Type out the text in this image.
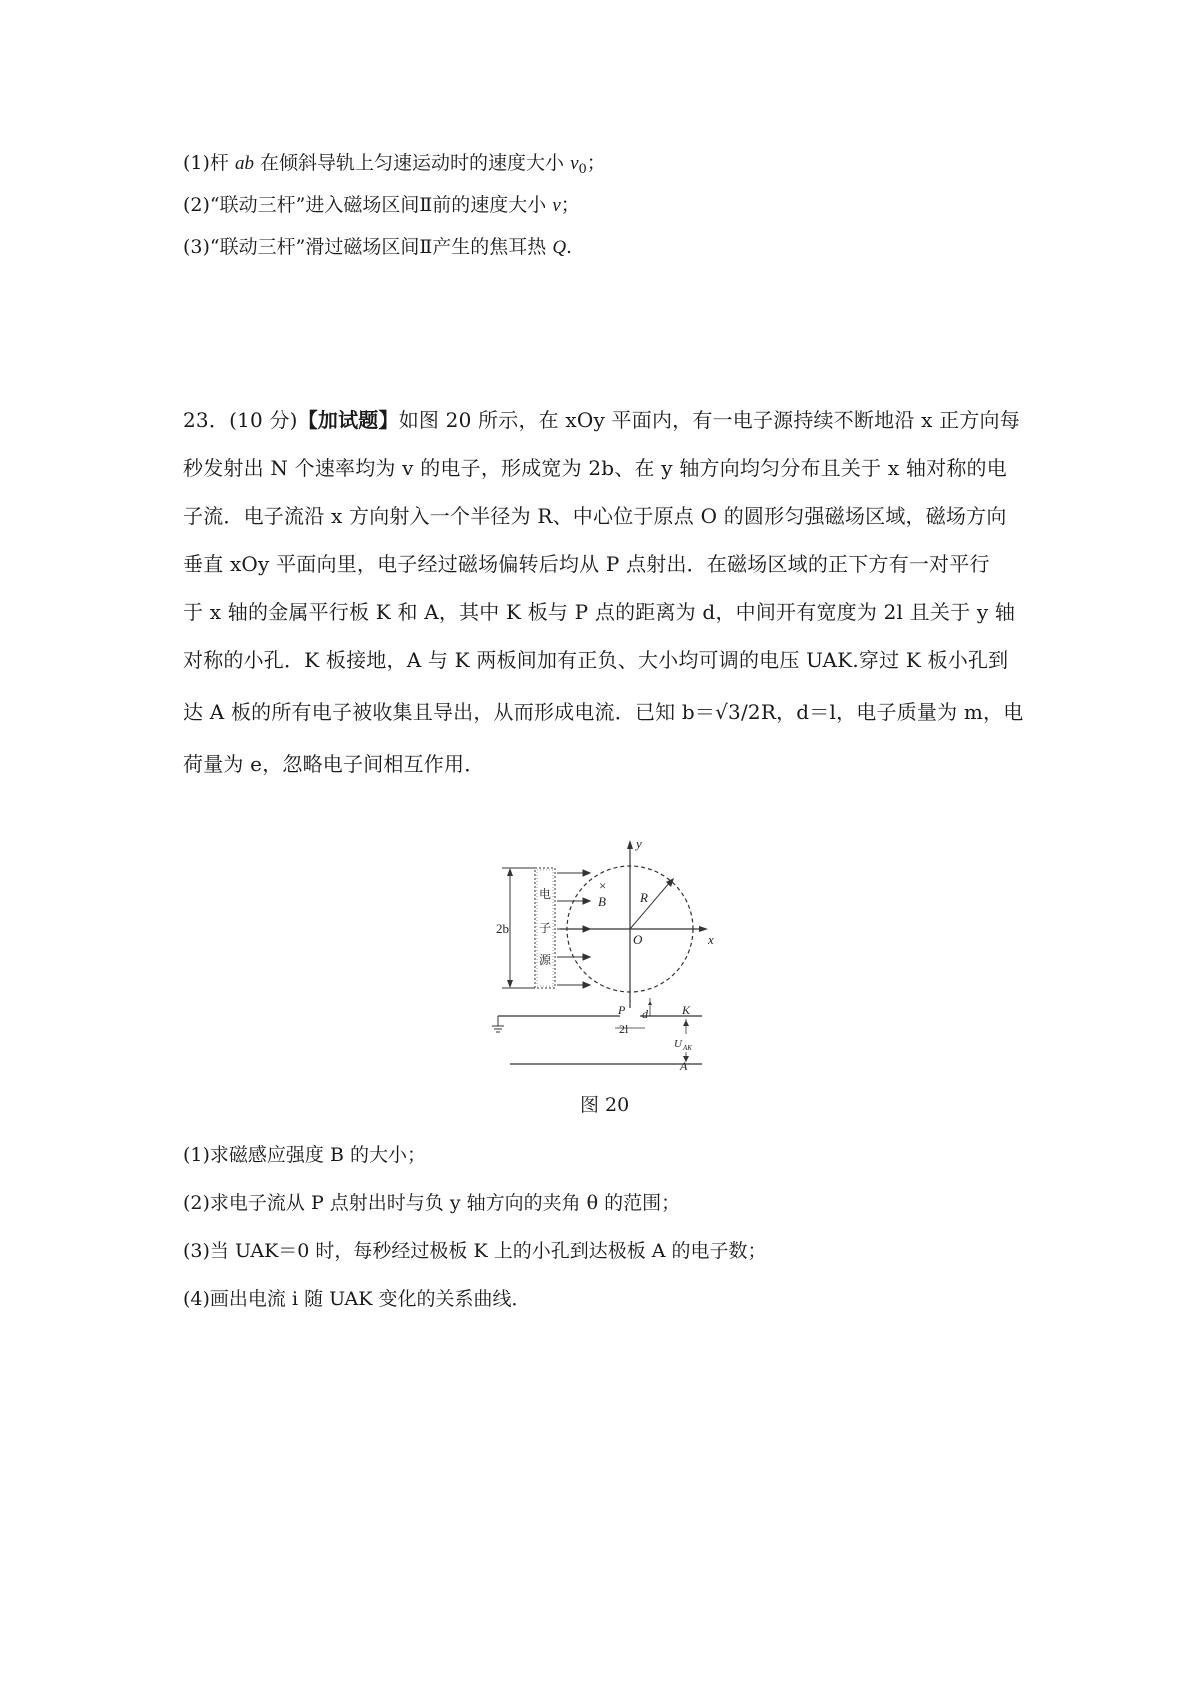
(1)杆 ab 在倾斜导轨上匀速运动时的速度大小 $v_0$；
(2)“联动三杆”进入磁场区间Ⅱ前的速度大小 v；
(3)“联动三杆”滑过磁场区间Ⅱ产生的焦耳热 Q.
23．(10 分)【加试题】如图 20 所示，在 xOy 平面内，有一电子源持续不断地沿 x 正方向每
秒发射出 N 个速率均为 v 的电子，形成宽为 2b、在 y 轴方向均匀分布且关于 x 轴对称的电
子流．电子流沿 x 方向射入一个半径为 R、中心位于原点 O 的圆形匀强磁场区域，磁场方向
垂直 xOy 平面向里，电子经过磁场偏转后均从 P 点射出．在磁场区域的正下方有一对平行
于 x 轴的金属平行板 K 和 A，其中 K 板与 P 点的距离为 d，中间开有宽度为 2l 且关于 y 轴
对称的小孔．K 板接地，A 与 K 两板间加有正负、大小均可调的电压 UAK.穿过 K 板小孔到
达 A 板的所有电子被收集且导出，从而形成电流．已知 b＝√3/2R，d＝l，电子质量为 m，电
荷量为 e，忽略电子间相互作用．
2b
电
子
源
y
x
O
R
×
B
P d
2l
K
U AK
A
图 20
(1)求磁感应强度 B 的大小；
(2)求电子流从 P 点射出时与负 y 轴方向的夹角 θ 的范围；
(3)当 UAK＝0 时，每秒经过极板 K 上的小孔到达极板 A 的电子数；
(4)画出电流 i 随 UAK 变化的关系曲线．
